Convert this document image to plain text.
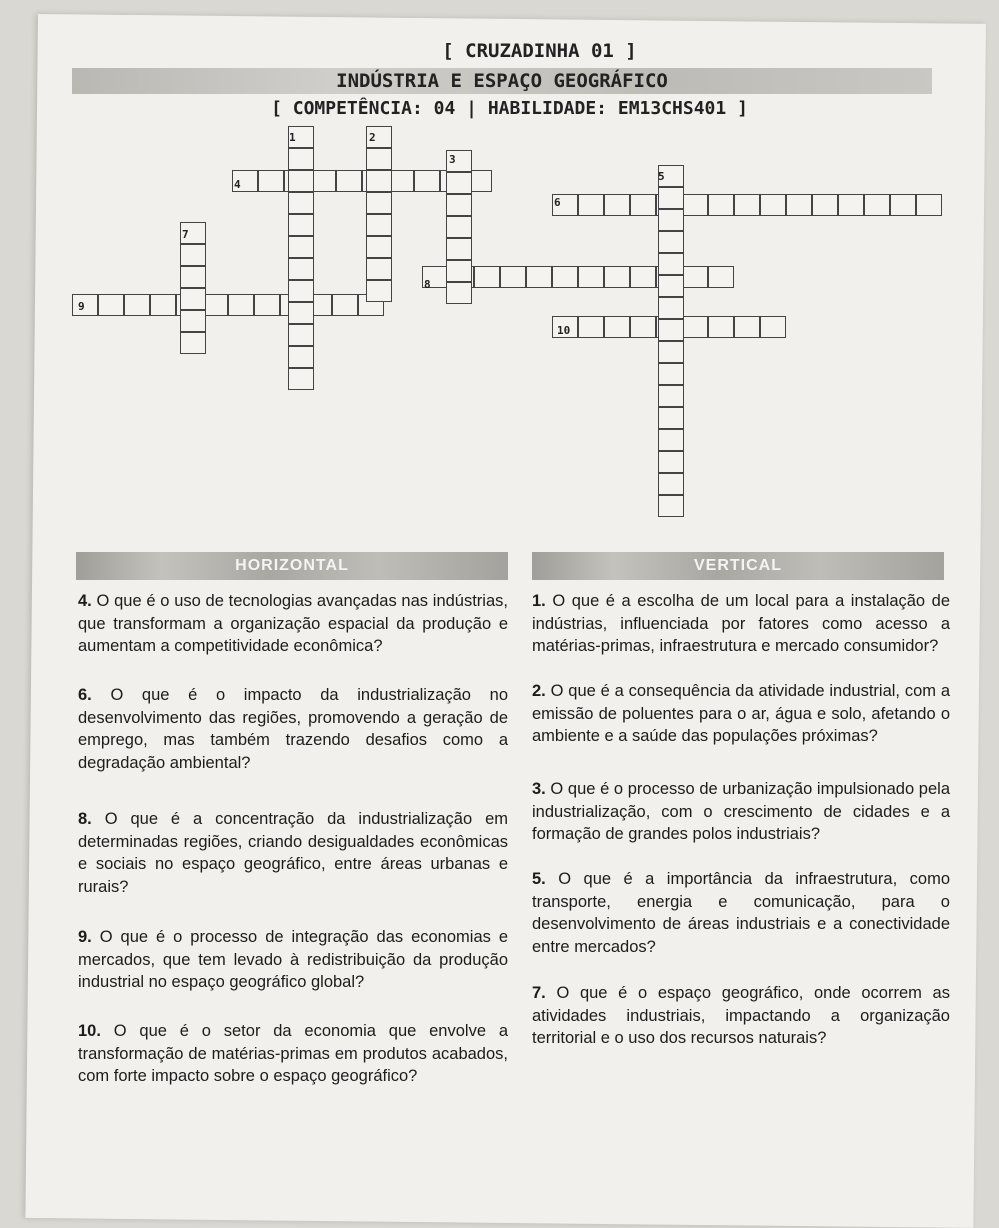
[ CRUZADINHA 01 ]
INDÚSTRIA E ESPAÇO GEOGRÁFICO
[ COMPETÊNCIA: 04 | HABILIDADE: EM13CHS401 ]
1	2
3
4
5
6
7
8
9
10
HORIZONTAL	VERTICAL
4. O que é o uso de tecnologias avançadas nas indústrias, que transformam a organização espacial da produção e aumentam a competitividade econômica?
6. O que é o impacto da industrialização no desenvolvimento das regiões, promovendo a geração de emprego, mas também trazendo desafios como a degradação ambiental?
8. O que é a concentração da industrialização em determinadas regiões, criando desigualdades econômicas e sociais no espaço geográfico, entre áreas urbanas e rurais?
9. O que é o processo de integração das economias e mercados, que tem levado à redistribuição da produção industrial no espaço geográfico global?
10. O que é o setor da economia que envolve a transformação de matérias-primas em produtos acabados, com forte impacto sobre o espaço geográfico?
1. O que é a escolha de um local para a instalação de indústrias, influenciada por fatores como acesso a matérias-primas, infraestrutura e mercado consumidor?
2. O que é a consequência da atividade industrial, com a emissão de poluentes para o ar, água e solo, afetando o ambiente e a saúde das populações próximas?
3. O que é o processo de urbanização impulsionado pela industrialização, com o crescimento de cidades e a formação de grandes polos industriais?
5. O que é a importância da infraestrutura, como transporte, energia e comunicação, para o desenvolvimento de áreas industriais e a conectividade entre mercados?
7. O que é o espaço geográfico, onde ocorrem as atividades industriais, impactando a organização territorial e o uso dos recursos naturais?
